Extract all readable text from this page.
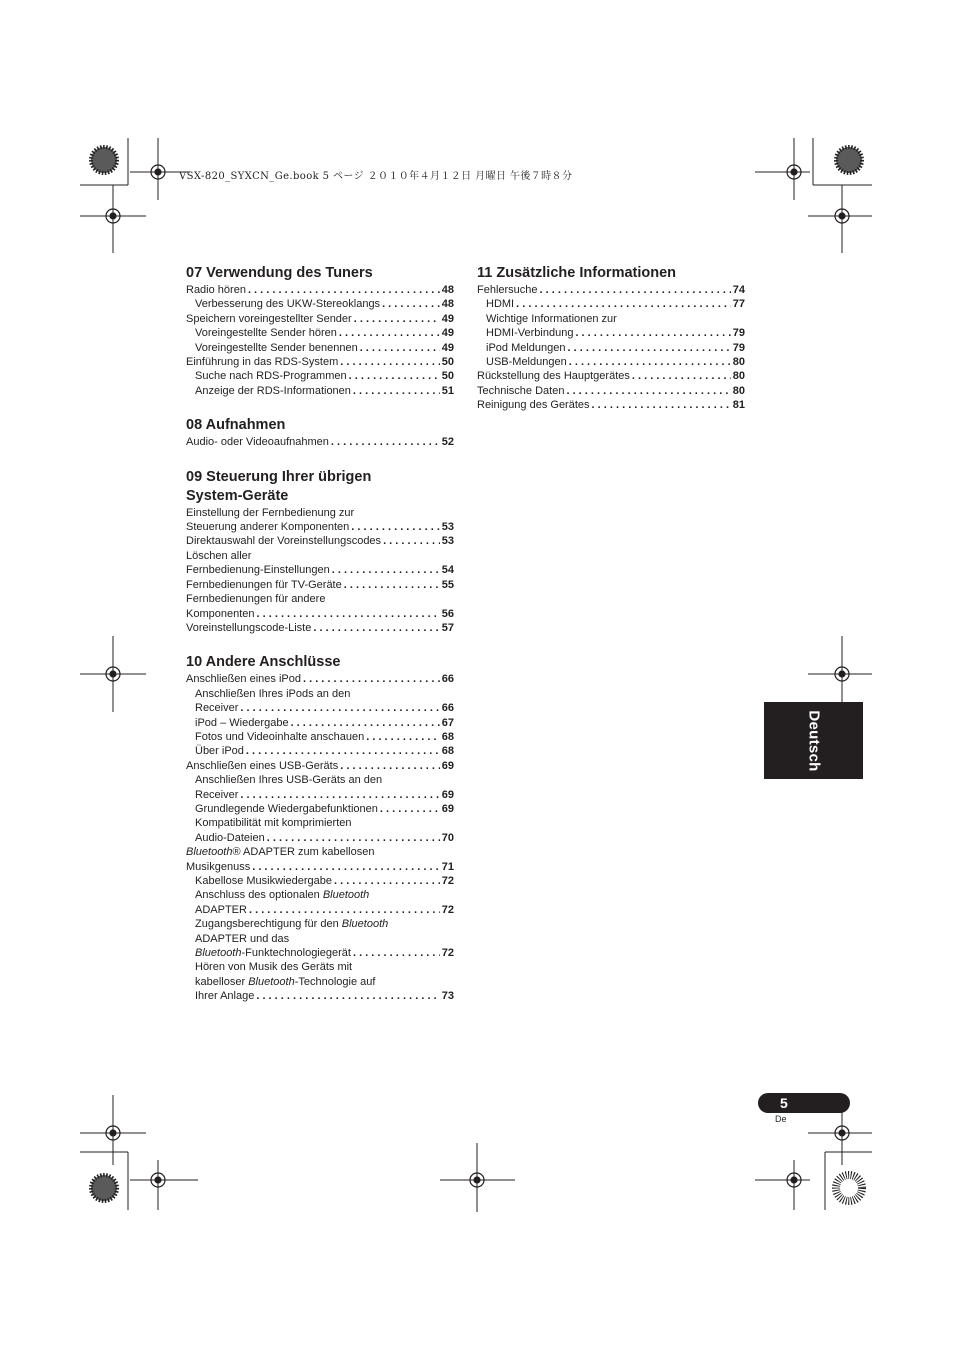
VSX-820_SYXCN_Ge.book 5 ページ ２０１０年４月１２日 月曜日 午後７時８分
07 Verwendung des Tuners
Radio hören . . .	48
Verbesserung des UKW-Stereoklangs . . .	48
Speichern voreingestellter Sender . . .	49
Voreingestellte Sender hören . . .	49
Voreingestellte Sender benennen . . .	49
Einführung in das RDS-System . . .	50
Suche nach RDS-Programmen . . .	50
Anzeige der RDS-Informationen . . .	51
08 Aufnahmen
Audio- oder Videoaufnahmen . . .	52
09 Steuerung Ihrer übrigen
System-Geräte
Einstellung der Fernbedienung zur
Steuerung anderer Komponenten . . .	53
Direktauswahl der Voreinstellungscodes . . .	53
Löschen aller
Fernbedienung-Einstellungen . . .	54
Fernbedienungen für TV-Geräte . . .	55
Fernbedienungen für andere
Komponenten . . .	56
Voreinstellungscode-Liste . . .	57
10 Andere Anschlüsse
Anschließen eines iPod . . .	66
Anschließen Ihres iPods an den
Receiver . . .	66
iPod – Wiedergabe . . .	67
Fotos und Videoinhalte anschauen . . .	68
Über iPod . . .	68
Anschließen eines USB-Geräts . . .	69
Anschließen Ihres USB-Geräts an den
Receiver . . .	69
Grundlegende Wiedergabefunktionen . . .	69
Kompatibilität mit komprimierten
Audio-Dateien . . .	70
Bluetooth® ADAPTER zum kabellosen
Musikgenuss . . .	71
Kabellose Musikwiedergabe . . .	72
Anschluss des optionalen Bluetooth
ADAPTER . . .	72
Zugangsberechtigung für den Bluetooth
ADAPTER und das
Bluetooth-Funktechnologiegerät . . .	72
Hören von Musik des Geräts mit
kabelloser Bluetooth-Technologie auf
Ihrer Anlage . . .	73
11 Zusätzliche Informationen
Fehlersuche . . .	74
HDMI . . .	77
Wichtige Informationen zur
HDMI-Verbindung . . .	79
iPod Meldungen . . .	79
USB-Meldungen . . .	80
Rückstellung des Hauptgerätes . . .	80
Technische Daten . . .	80
Reinigung des Gerätes . . .	81
Deutsch
5
De
